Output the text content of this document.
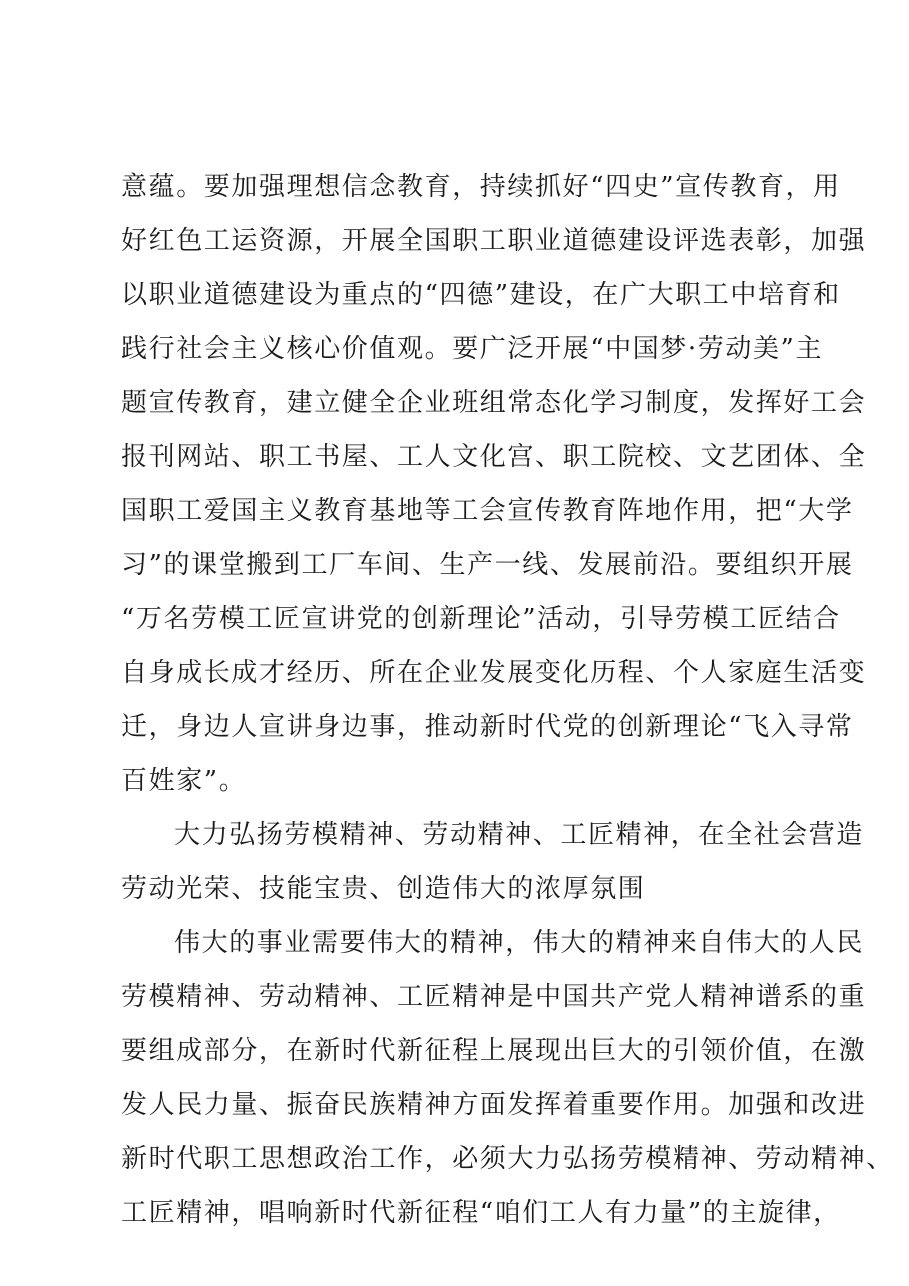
意蕴。要加强理想信念教育，持续抓好“四史”宣传教育，用
好红色工运资源，开展全国职工职业道德建设评选表彰，加强
以职业道德建设为重点的“四德”建设，在广大职工中培育和
践行社会主义核心价值观。要广泛开展“中国梦·劳动美”主
题宣传教育，建立健全企业班组常态化学习制度，发挥好工会
报刊网站、职工书屋、工人文化宫、职工院校、文艺团体、全
国职工爱国主义教育基地等工会宣传教育阵地作用，把“大学
习”的课堂搬到工厂车间、生产一线、发展前沿。要组织开展
“万名劳模工匠宣讲党的创新理论”活动，引导劳模工匠结合
自身成长成才经历、所在企业发展变化历程、个人家庭生活变
迁，身边人宣讲身边事，推动新时代党的创新理论“飞入寻常
百姓家”。
大力弘扬劳模精神、劳动精神、工匠精神，在全社会营造
劳动光荣、技能宝贵、创造伟大的浓厚氛围
伟大的事业需要伟大的精神，伟大的精神来自伟大的人民
劳模精神、劳动精神、工匠精神是中国共产党人精神谱系的重
要组成部分，在新时代新征程上展现出巨大的引领价值，在激
发人民力量、振奋民族精神方面发挥着重要作用。加强和改进
新时代职工思想政治工作，必须大力弘扬劳模精神、劳动精神、
工匠精神，唱响新时代新征程“咱们工人有力量”的主旋律，
